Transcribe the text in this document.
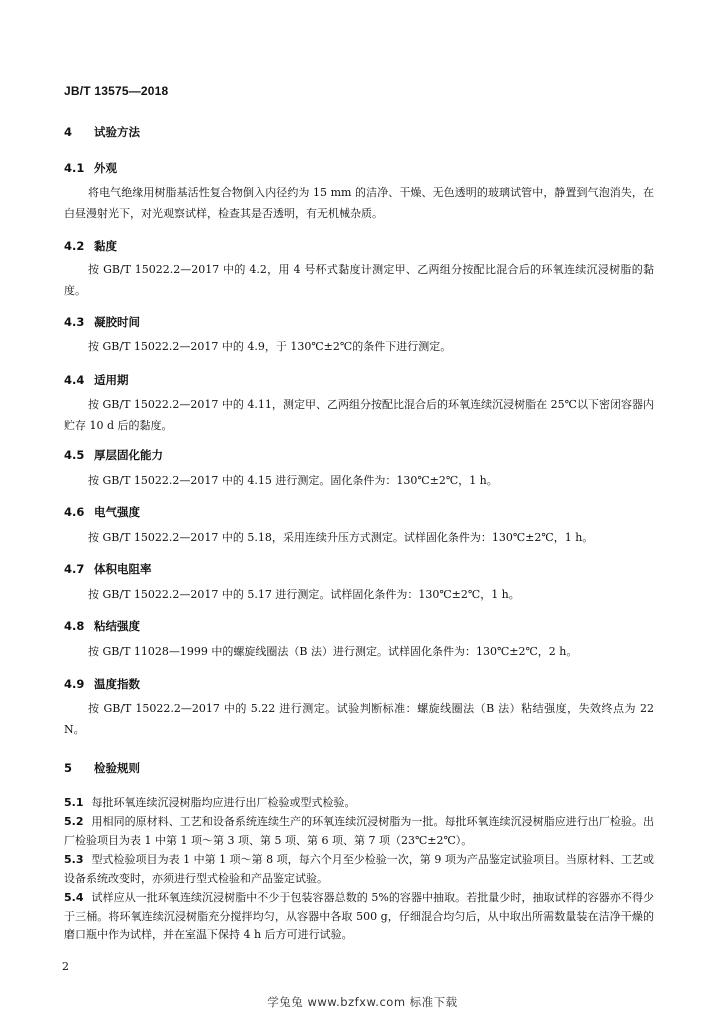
JB/T 13575—2018
4 试验方法
4.1 外观
将电气绝缘用树脂基活性复合物倒入内径约为 15 mm 的洁净、干燥、无色透明的玻璃试管中，静置到气泡消失，在白昼漫射光下，对光观察试样，检查其是否透明，有无机械杂质。
4.2 黏度
按 GB/T 15022.2—2017 中的 4.2，用 4 号杯式黏度计测定甲、乙两组分按配比混合后的环氧连续沉浸树脂的黏度。
4.3 凝胶时间
按 GB/T 15022.2—2017 中的 4.9，于 130℃±2℃的条件下进行测定。
4.4 适用期
按 GB/T 15022.2—2017 中的 4.11，测定甲、乙两组分按配比混合后的环氧连续沉浸树脂在 25℃以下密闭容器内贮存 10 d 后的黏度。
4.5 厚层固化能力
按 GB/T 15022.2—2017 中的 4.15 进行测定。固化条件为：130℃±2℃，1 h。
4.6 电气强度
按 GB/T 15022.2—2017 中的 5.18，采用连续升压方式测定。试样固化条件为：130℃±2℃，1 h。
4.7 体积电阻率
按 GB/T 15022.2—2017 中的 5.17 进行测定。试样固化条件为：130℃±2℃，1 h。
4.8 粘结强度
按 GB/T 11028—1999 中的螺旋线圈法（B 法）进行测定。试样固化条件为：130℃±2℃，2 h。
4.9 温度指数
按 GB/T 15022.2—2017 中的 5.22 进行测定。试验判断标准：螺旋线圈法（B 法）粘结强度，失效终点为 22 N。
5 检验规则
5.1 每批环氧连续沉浸树脂均应进行出厂检验或型式检验。
5.2 用相同的原材料、工艺和设备系统连续生产的环氧连续沉浸树脂为一批。每批环氧连续沉浸树脂应进行出厂检验。出厂检验项目为表 1 中第 1 项～第 3 项、第 5 项、第 6 项、第 7 项（23℃±2℃）。
5.3 型式检验项目为表 1 中第 1 项～第 8 项，每六个月至少检验一次，第 9 项为产品鉴定试验项目。当原材料、工艺或设备系统改变时，亦须进行型式检验和产品鉴定试验。
5.4 试样应从一批环氧连续沉浸树脂中不少于包装容器总数的 5%的容器中抽取。若批量少时，抽取试样的容器亦不得少于三桶。将环氧连续沉浸树脂充分搅拌均匀，从容器中各取 500 g，仔细混合均匀后，从中取出所需数量装在洁净干燥的磨口瓶中作为试样，并在室温下保持 4 h 后方可进行试验。
2
学兔兔 www.bzfxw.com 标准下载
